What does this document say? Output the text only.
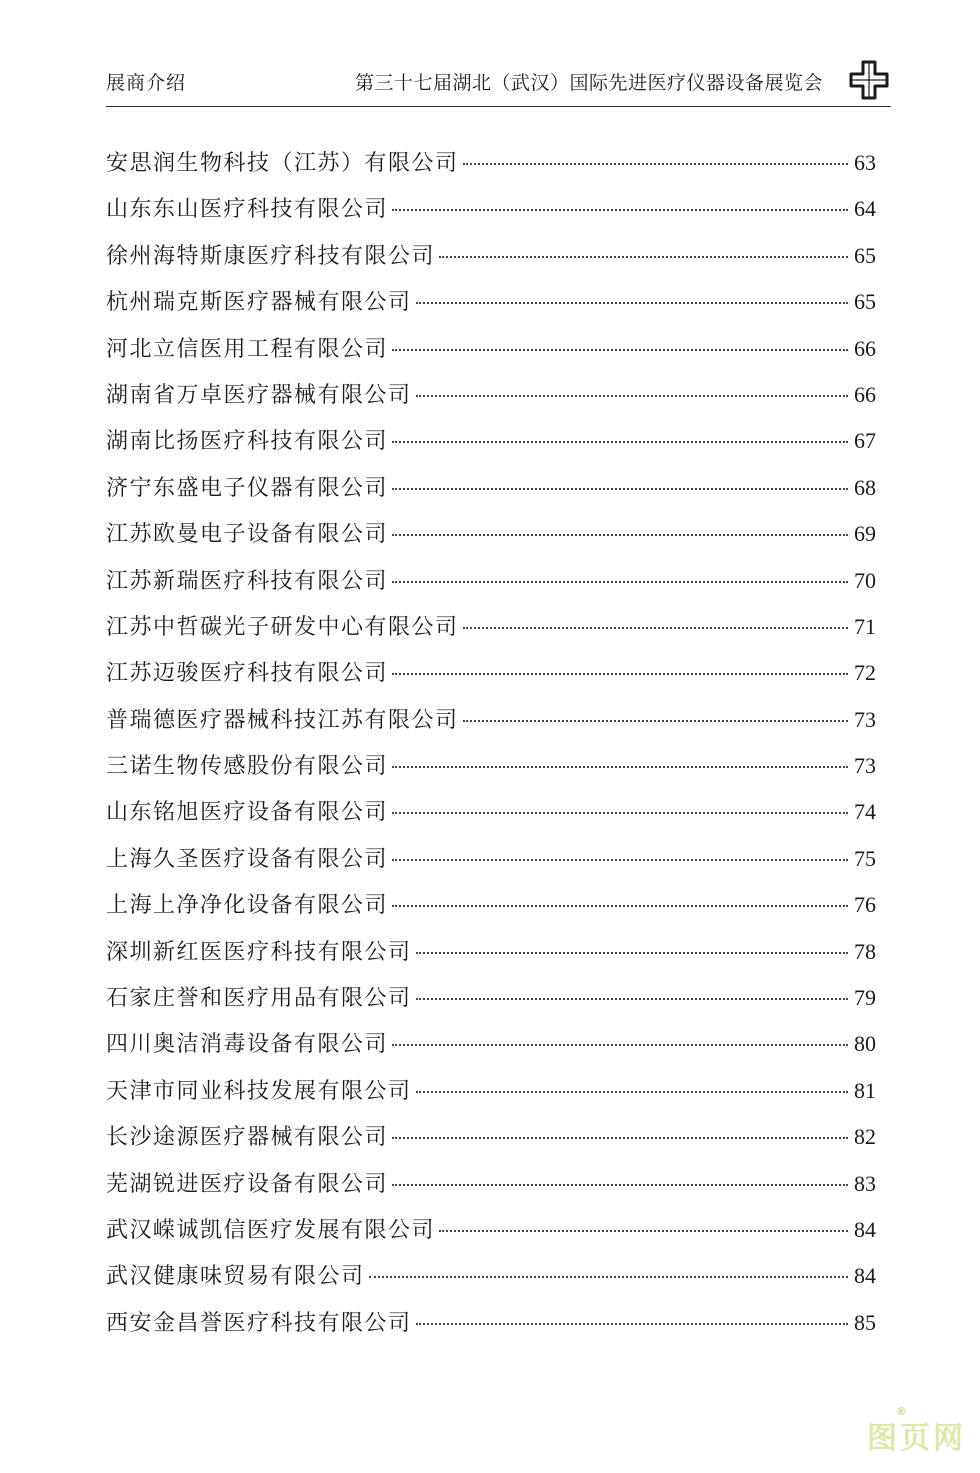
展商介绍	第三十七届湖北（武汉）国际先进医疗仪器设备展览会
安思润生物科技（江苏）有限公司	63
山东东山医疗科技有限公司	64
徐州海特斯康医疗科技有限公司	65
杭州瑞克斯医疗器械有限公司	65
河北立信医用工程有限公司	66
湖南省万卓医疗器械有限公司	66
湖南比扬医疗科技有限公司	67
济宁东盛电子仪器有限公司	68
江苏欧曼电子设备有限公司	69
江苏新瑞医疗科技有限公司	70
江苏中哲碳光子研发中心有限公司	71
江苏迈骏医疗科技有限公司	72
普瑞德医疗器械科技江苏有限公司	73
三诺生物传感股份有限公司	73
山东铭旭医疗设备有限公司	74
上海久圣医疗设备有限公司	75
上海上净净化设备有限公司	76
深圳新红医医疗科技有限公司	78
石家庄誉和医疗用品有限公司	79
四川奥洁消毒设备有限公司	80
天津市同业科技发展有限公司	81
长沙途源医疗器械有限公司	82
芜湖锐进医疗设备有限公司	83
武汉嵘诚凯信医疗发展有限公司	84
武汉健康味贸易有限公司	84
西安金昌誉医疗科技有限公司	85
图页网
®
